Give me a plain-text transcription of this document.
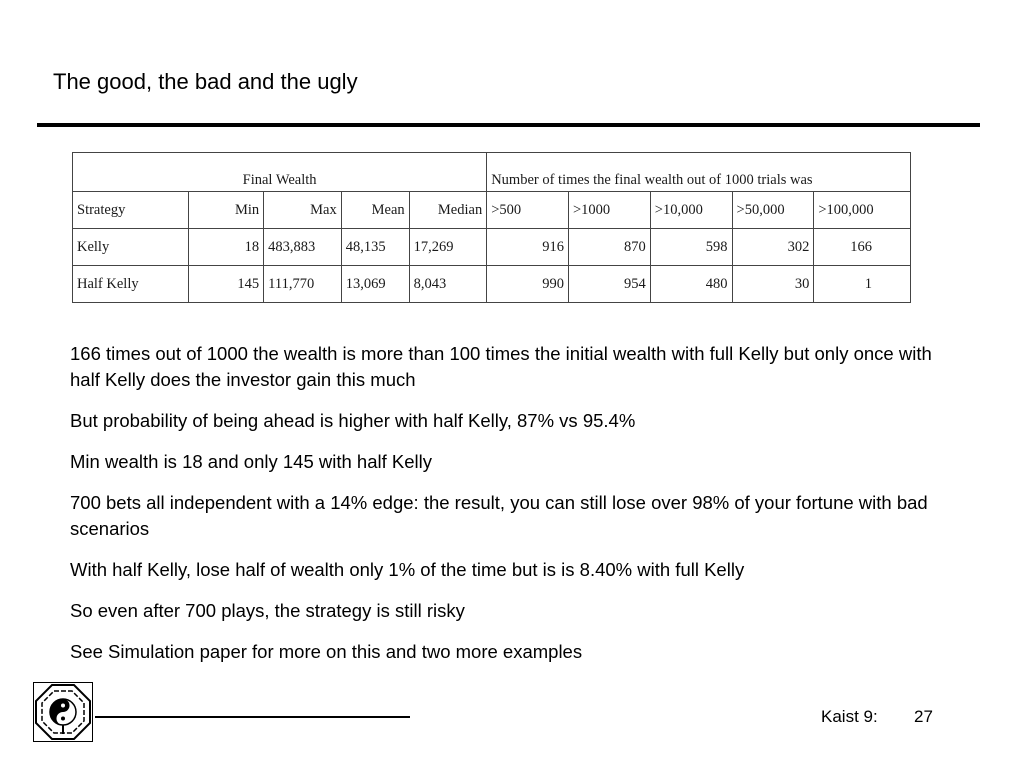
The good, the bad and the ugly
Final Wealth					Number of times the final wealth out of 1000 trials was				
Strategy	Min	Max	Mean	Median	>500	>1000	>10,000	>50,000	>100,000
Kelly	18	483,883	48,135	17,269	916	870	598	302	166
Half Kelly	145	111,770	13,069	8,043	990	954	480	30	1

166 times out of 1000 the wealth is more than 100 times the initial wealth with full Kelly but only once with half Kelly does the investor gain this much

But probability of being ahead is higher with half Kelly, 87% vs 95.4%

Min wealth is 18 and only 145 with half Kelly

700 bets all independent with a 14% edge: the result, you can still lose over 98% of your fortune with bad scenarios

With half Kelly, lose half of wealth only 1% of the time but is is 8.40% with full Kelly

So even after 700 plays, the strategy is still risky

See Simulation paper for more on this and two more examples

Kaist 9: 27
